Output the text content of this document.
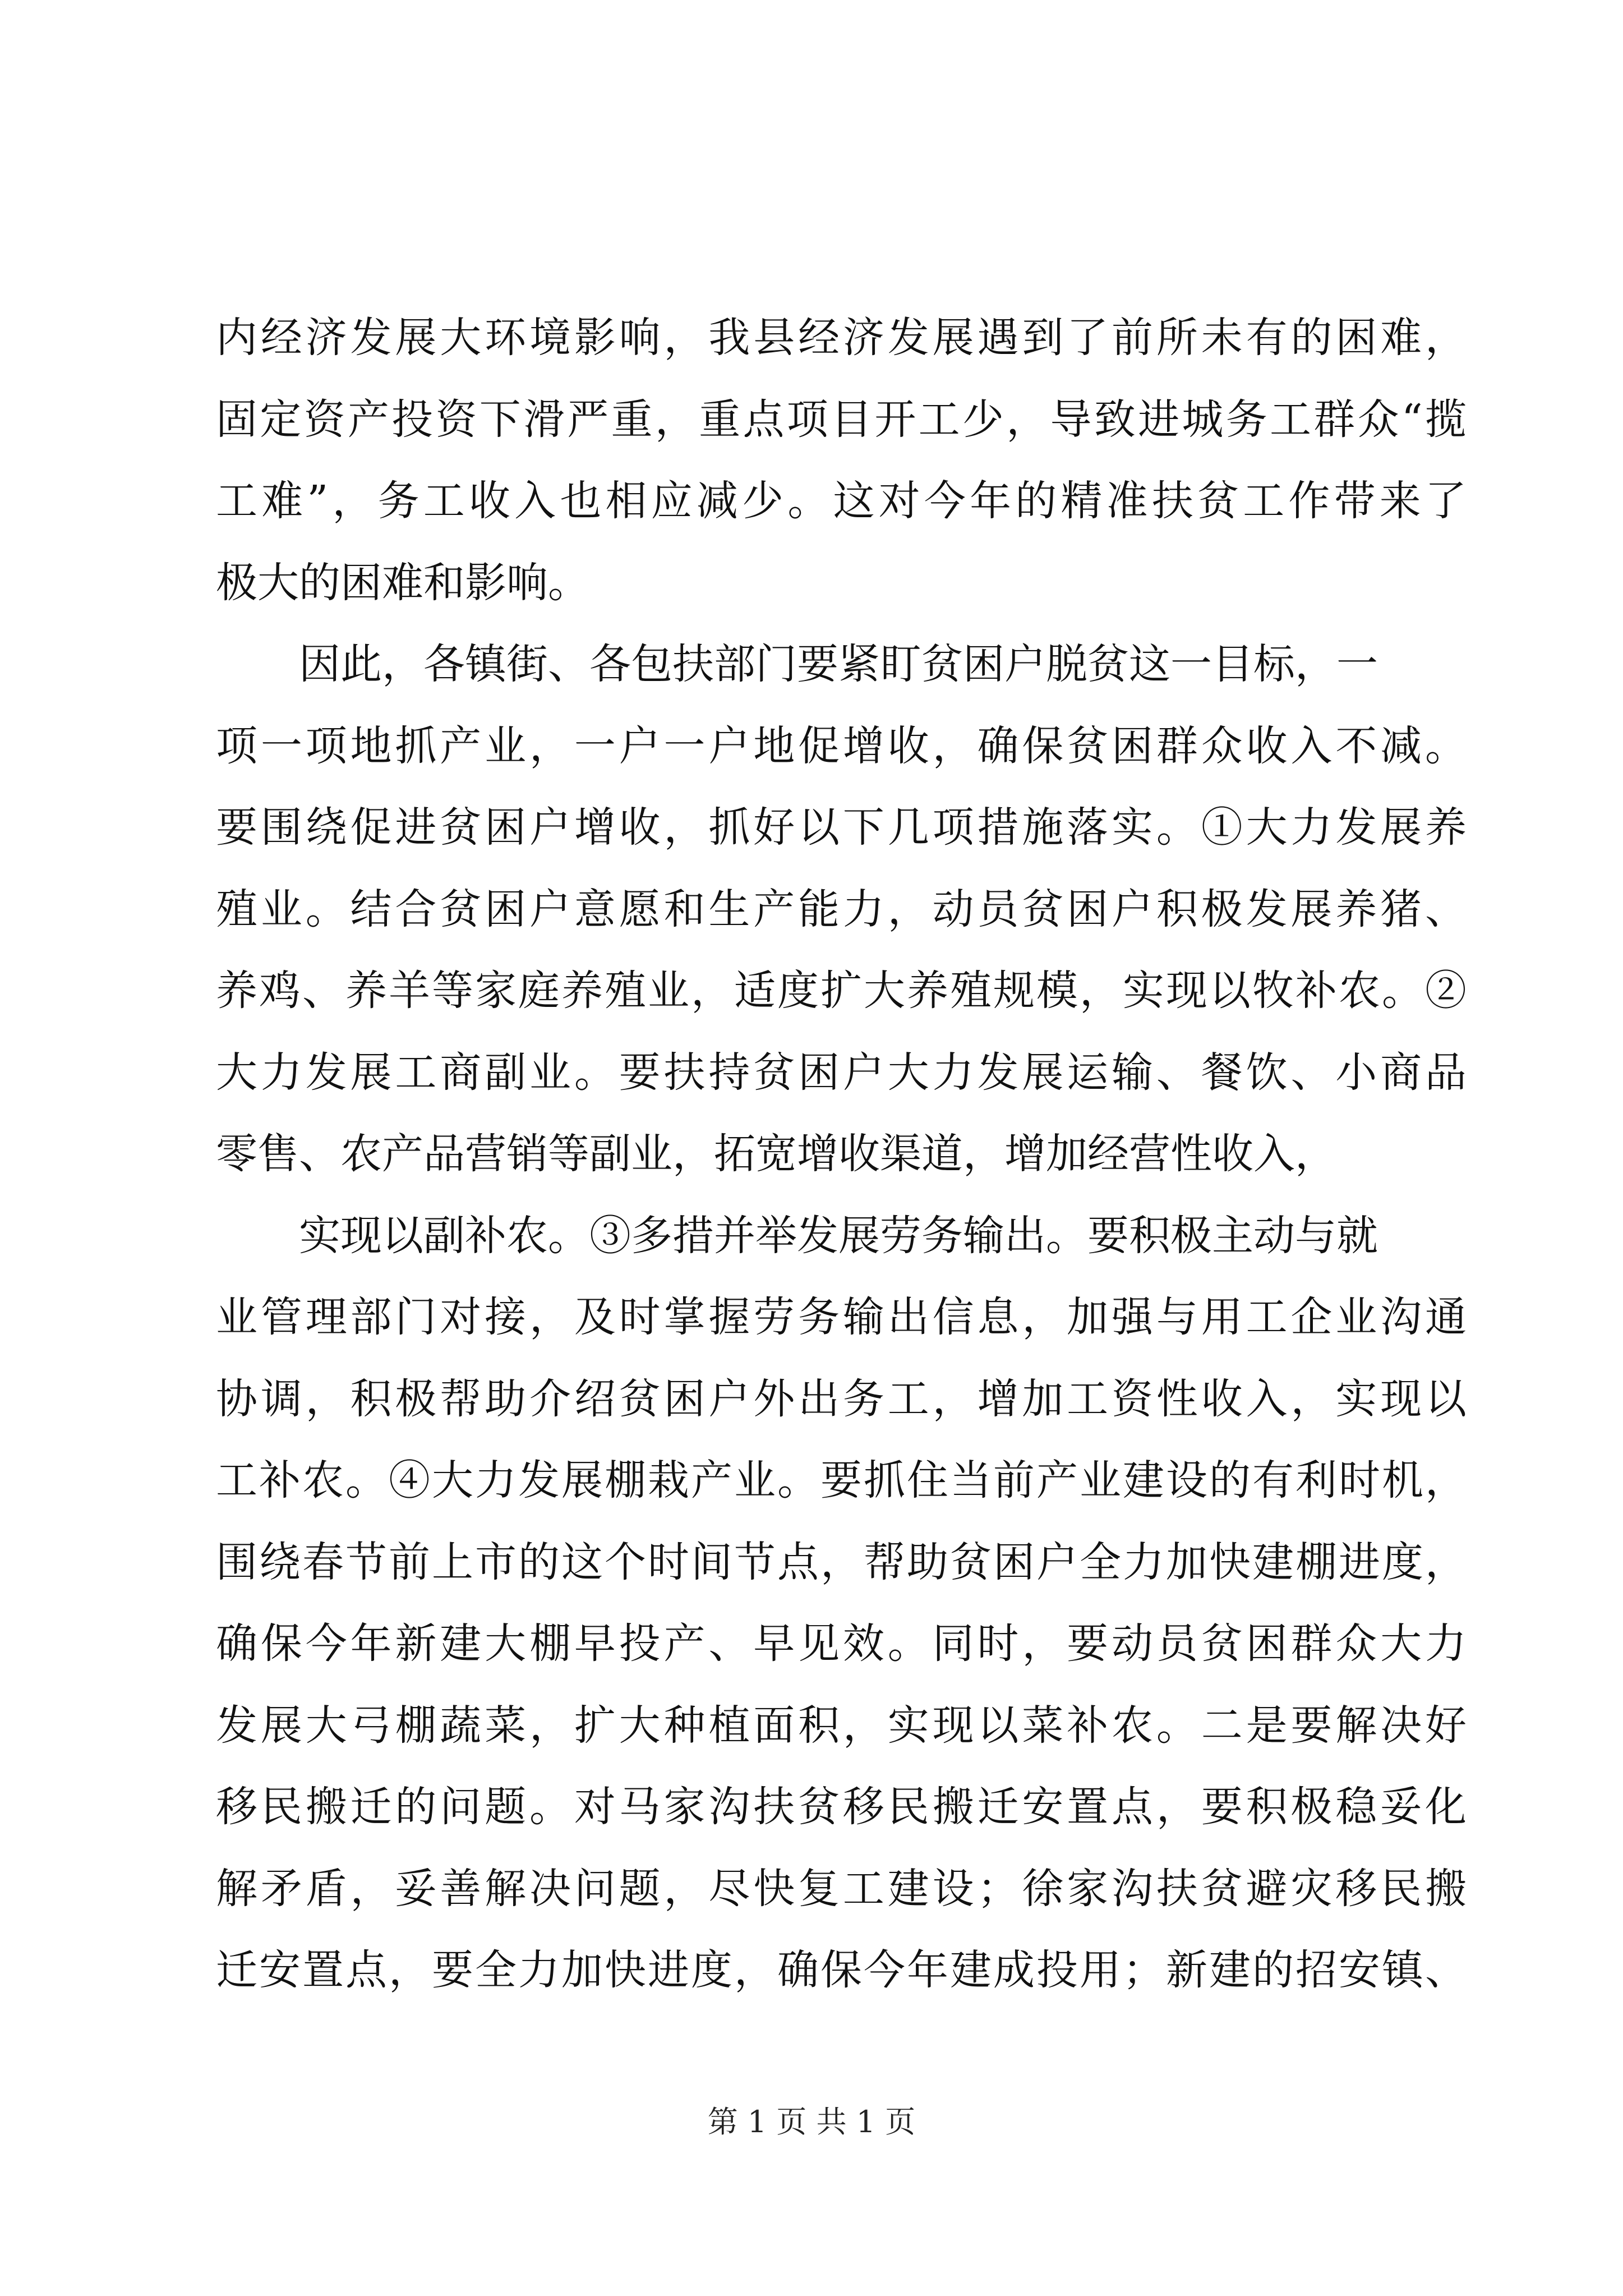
内经济发展大环境影响，我县经济发展遇到了前所未有的困难，
固定资产投资下滑严重，重点项目开工少，导致进城务工群众“揽
工难”，务工收入也相应减少。这对今年的精准扶贫工作带来了
极大的困难和影响。
因此，各镇街、各包扶部门要紧盯贫困户脱贫这一目标，一
项一项地抓产业，一户一户地促增收，确保贫困群众收入不减。
要围绕促进贫困户增收，抓好以下几项措施落实。①大力发展养
殖业。结合贫困户意愿和生产能力，动员贫困户积极发展养猪、
养鸡、养羊等家庭养殖业，适度扩大养殖规模，实现以牧补农。②
大力发展工商副业。要扶持贫困户大力发展运输、餐饮、小商品
零售、农产品营销等副业，拓宽增收渠道，增加经营性收入，
实现以副补农。③多措并举发展劳务输出。要积极主动与就
业管理部门对接，及时掌握劳务输出信息，加强与用工企业沟通
协调，积极帮助介绍贫困户外出务工，增加工资性收入，实现以
工补农。④大力发展棚栽产业。要抓住当前产业建设的有利时机，
围绕春节前上市的这个时间节点，帮助贫困户全力加快建棚进度，
确保今年新建大棚早投产、早见效。同时，要动员贫困群众大力
发展大弓棚蔬菜，扩大种植面积，实现以菜补农。二是要解决好
移民搬迁的问题。对马家沟扶贫移民搬迁安置点，要积极稳妥化
解矛盾，妥善解决问题，尽快复工建设；徐家沟扶贫避灾移民搬
迁安置点，要全力加快进度，确保今年建成投用；新建的招安镇、
第 1 页 共 1 页
